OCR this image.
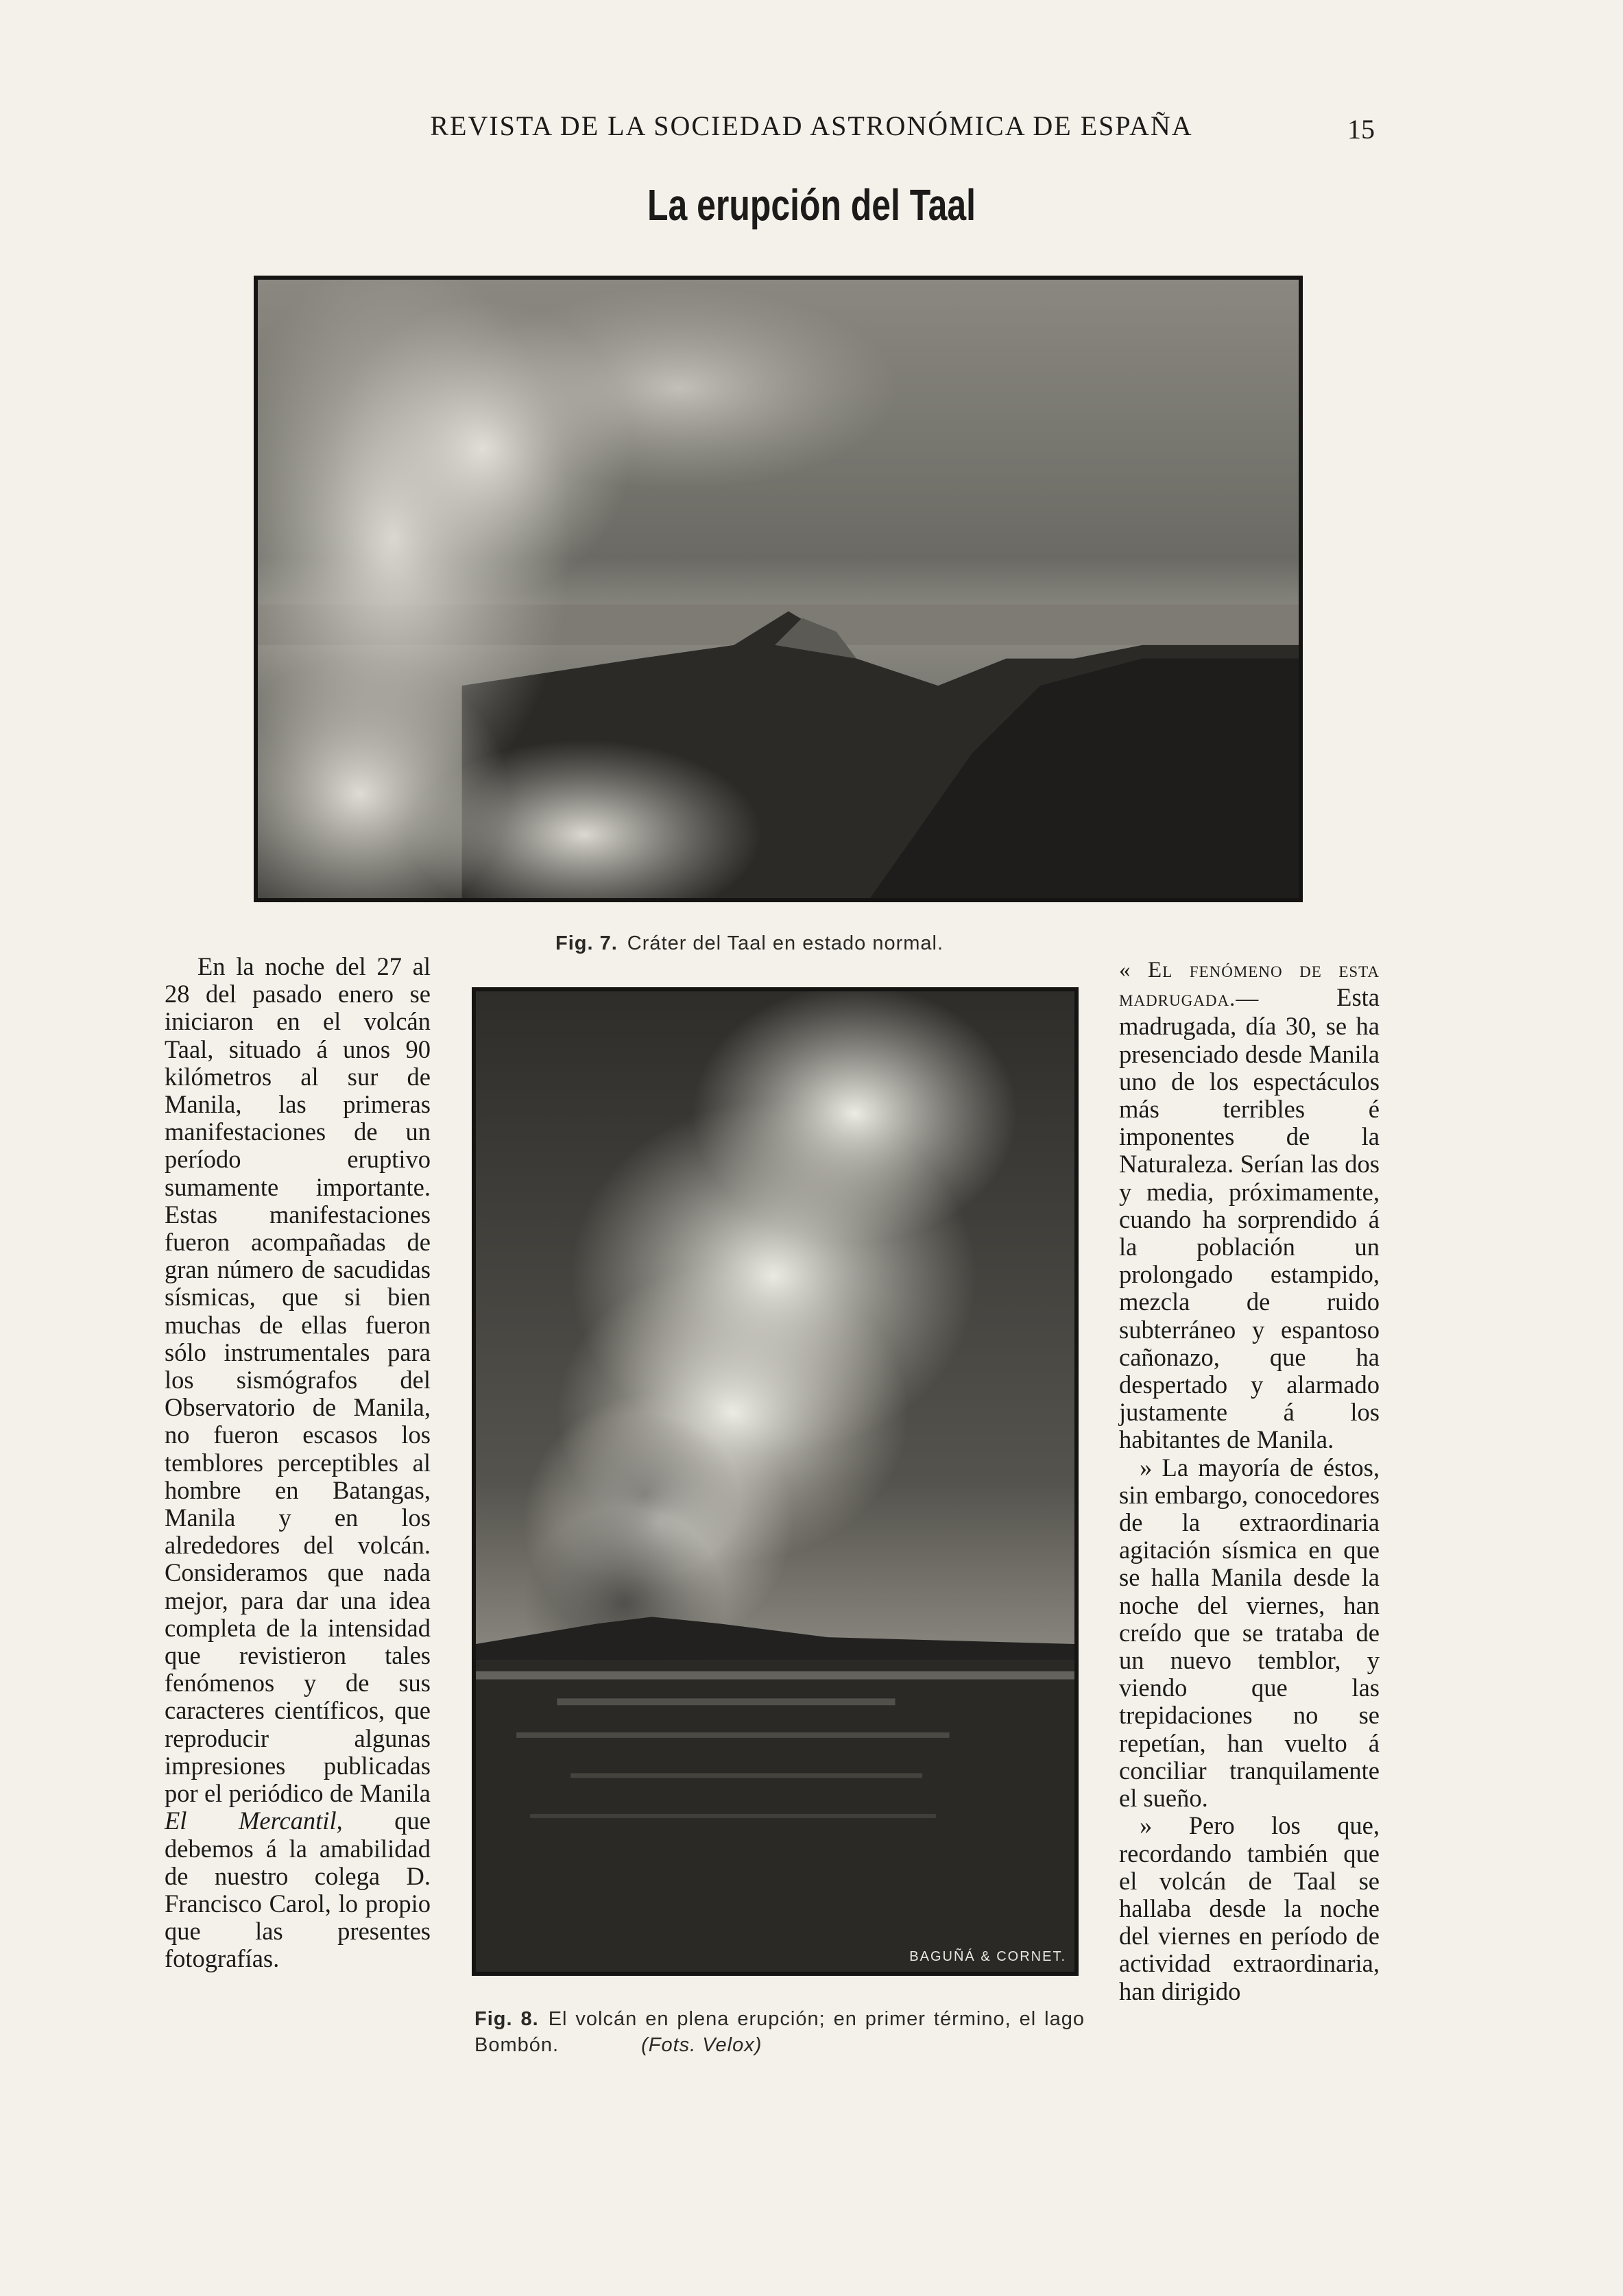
REVISTA DE LA SOCIEDAD ASTRONÓMICA DE ESPAÑA	15
La erupción del Taal
Fig. 7. Cráter del Taal en estado normal.
BAGUÑÁ & CORNET.
Fig. 8. El volcán en plena erupción; en primer término, el lago Bombón.	(Fots. Velox)

En la noche del 27 al 28 del pasado enero se iniciaron en el volcán Taal, situado á unos 90 kilómetros al sur de Manila, las primeras manifestaciones de un período eruptivo sumamente importante. Estas manifestaciones fueron acompañadas de gran número de sacudidas sísmicas, que si bien muchas de ellas fueron sólo instrumentales para los sismógrafos del Observatorio de Manila, no fueron escasos los temblores perceptibles al hombre en Batangas, Manila y en los alrededores del volcán. Consideramos que nada mejor, para dar una idea completa de la intensidad que revistieron tales fenómenos y de sus caracteres científicos, que reproducir algunas impresiones publicadas por el periódico de Manila El Mercantil, que debemos á la amabilidad de nuestro colega D. Francisco Carol, lo propio que las presentes fotografías.

« El fenómeno de esta madrugada.—	Esta madrugada, día 30, se ha presenciado desde Manila uno de los espectáculos más terribles é imponentes de la Naturaleza. Serían las dos y media, próximamente, cuando ha sorprendido á la población un prolongado estampido, mezcla de ruido subterráneo y espantoso cañonazo, que ha despertado y alarmado justamente á los habitantes de Manila.

» La mayoría de éstos, sin embargo, conocedores de la extraordinaria agitación sísmica en que se halla Manila desde la noche del viernes, han creído que se trataba de un nuevo temblor, y viendo que las trepidaciones no se repetían, han vuelto á conciliar tranquilamente el sueño.

» Pero los que, recordando también que el volcán de Taal se hallaba desde la noche del viernes en período de actividad extraordinaria, han dirigido
